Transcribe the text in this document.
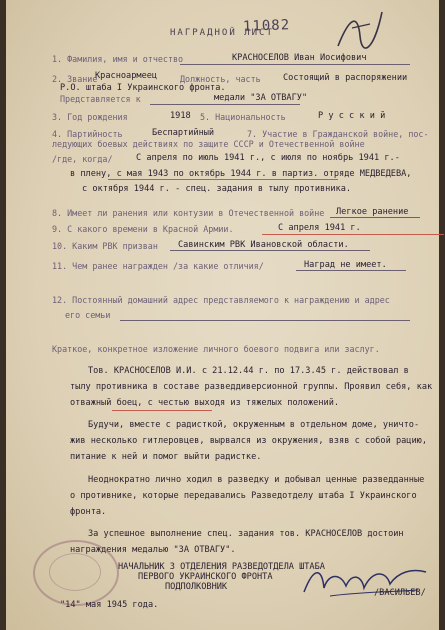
НАГРАДНОЙ ЛИСТ
11082
1. Фамилия, имя и отчество	КРАСНОСЕЛОВ Иван Иосифович
2. Звание
Красноармеец	Должность, часть	Состоящий в распоряжении
Р.О. штаба I Украинского фронта.
Представляется к	медали "ЗА ОТВАГУ"
3. Год рождения	1918 5. Национальность	Р у с с к и й
4. Партийность	Беспартийный	7. Участие в Гражданской войне, пос-
ледующих боевых действиях по защите СССР и Отечественной войне
/где, когда/	С апреля по июль 1941 г., с июля по ноябрь 1941 г.-
в плену, с мая 1943 по октябрь 1944 г. в партиз. отряде МЕДВЕДЕВА,
с октября 1944 г. - спец. задания в тылу противника.
8. Имеет ли ранения или контузии в Отечественной войне Легкое ранение
9. С какого времени в Красной Армии.	С апреля 1941 г.
10. Каким РВК призван Савинским РВК Ивановской области.
11. Чем ранее награжден /за какие отличия/	Наград не имеет.
12. Постоянный домашний адрес представляемого к награждению и адрес
его семьи
Краткое, конкретное изложение личного боевого подвига или заслуг.
Тов. КРАСНОСЕЛОВ И.И. с 21.12.44 г. по 17.3.45 г. действовал в
тылу противника в составе разведдиверсионной группы. Проявил себя, как
отважный боец, с честью выходя из тяжелых положений.
Будучи, вместе с радисткой, окруженным в отдельном доме, уничто-
жив несколько гитлеровцев, вырвался из окружения, взяв с собой рацию,
питание к ней и помог выйти радистке.
Неоднократно лично ходил в разведку и добывал ценные разведданные
о противнике, которые передавались Разведотделу штаба I Украинского
фронта.
За успешное выполнение спец. задания тов. КРАСНОСЕЛОВ достоин
награждения медалью "ЗА ОТВАГУ".
НАЧАЛЬНИК З ОТДЕЛЕНИЯ РАЗВЕДОТДЕЛА ШТАБА
ПЕРВОГО УКРАИНСКОГО ФРОНТА
ПОДПОЛКОВНИК
/ВАСИЛЬЕВ/
"14" мая 1945 года.
